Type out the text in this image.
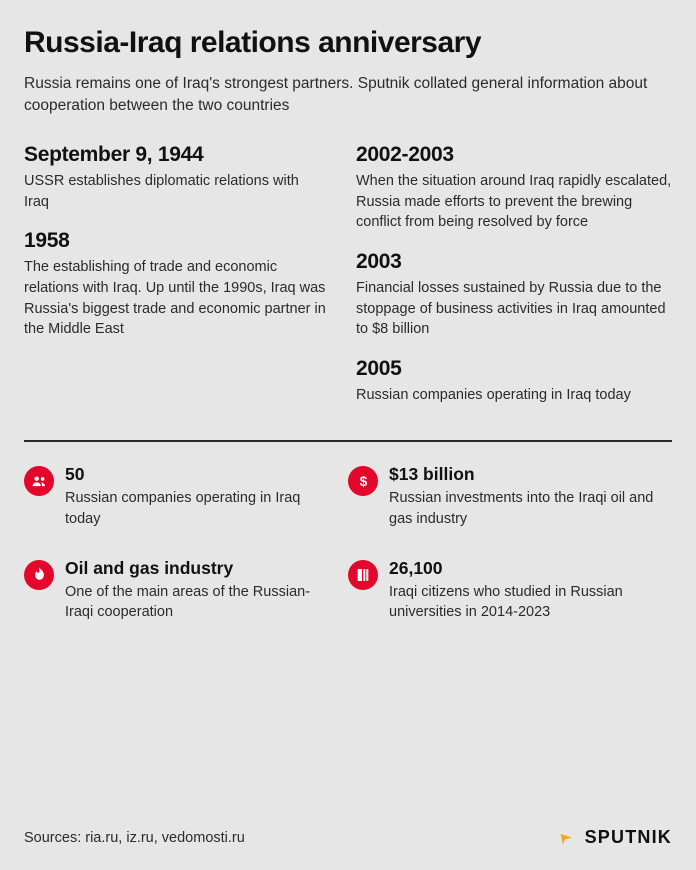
Russia-Iraq relations anniversary

Russia remains one of Iraq's strongest partners. Sputnik collated general information about cooperation between the two countries

September 9, 1944
USSR establishes diplomatic relations with Iraq
1958
The establishing of trade and economic relations with Iraq. Up until the 1990s, Iraq was Russia's biggest trade and economic partner in the Middle East
2002-2003
When the situation around Iraq rapidly escalated, Russia made efforts to prevent the brewing conflict from being resolved by force
2003
Financial losses sustained by Russia due to the stoppage of business activities in Iraq amounted to $8 billion
2005
Russian companies operating in Iraq today
50
Russian companies operating in Iraq today
$ $13 billion
Russian investments into the Iraqi oil and gas industry
Oil and gas industry
One of the main areas of the Russian-Iraqi cooperation
26,100
Iraqi citizens who studied in Russian universities in 2014-2023
Sources: ria.ru, iz.ru, vedomosti.ru	SPUTNIK
